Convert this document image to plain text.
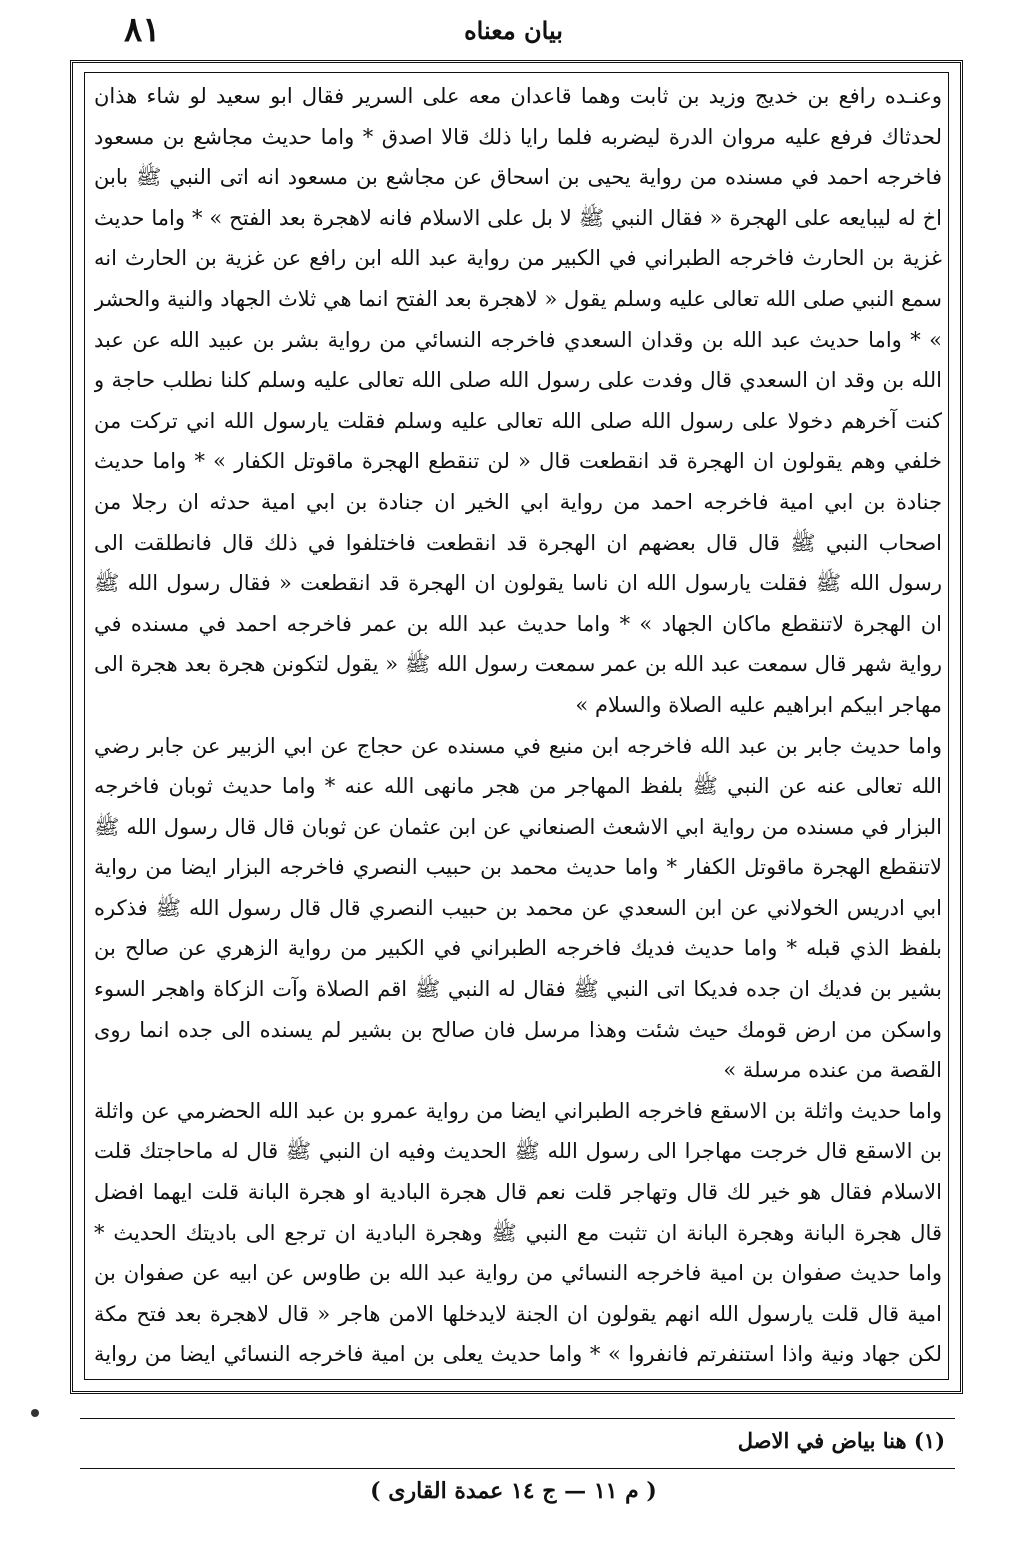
٨١	بيان معناه

وعنـده رافع بن خديج وزيد بن ثابت وهما قاعدان معه على السرير فقال ابو سعيد لو شاء هذان لحدثاك فرفع عليه مروان الدرة ليضربه فلما رايا ذلك قالا اصدق * واما حديث مجاشع بن مسعود فاخرجه احمد في مسنده من رواية يحيى بن اسحاق عن مجاشع بن مسعود انه اتى النبي ﷺ بابن اخ له ليبايعه على الهجرة « فقال النبي ﷺ لا بل على الاسلام فانه لاهجرة بعد الفتح » * واما حديث غزية بن الحارث فاخرجه الطبراني في الكبير من رواية عبد الله ابن رافع عن غزية بن الحارث انه سمع النبي صلى الله تعالى عليه وسلم يقول « لاهجرة بعد الفتح انما هي ثلاث الجهاد والنية والحشر » * واما حديث عبد الله بن وقدان السعدي فاخرجه النسائي من رواية بشر بن عبيد الله عن عبد الله بن وقد ان السعدي قال وفدت على رسول الله صلى الله تعالى عليه وسلم كلنا نطلب حاجة و كنت آخرهم دخولا على رسول الله صلى الله تعالى عليه وسلم فقلت يارسول الله اني تركت من خلفي وهم يقولون ان الهجرة قد انقطعت قال « لن تنقطع الهجرة ماقوتل الكفار » * واما حديث جنادة بن ابي امية فاخرجه احمد من رواية ابي الخير ان جنادة بن ابي امية حدثه ان رجلا من اصحاب النبي ﷺ قال قال بعضهم ان الهجرة قد انقطعت فاختلفوا في ذلك قال فانطلقت الى رسول الله ﷺ فقلت يارسول الله ان ناسا يقولون ان الهجرة قد انقطعت « فقال رسول الله ﷺ ان الهجرة لاتنقطع ماكان الجهاد » * واما حديث عبد الله بن عمر فاخرجه احمد في مسنده في رواية شهر قال سمعت عبد الله بن عمر سمعت رسول الله ﷺ « يقول لتكونن هجرة بعد هجرة الى مهاجر ابيكم ابراهيم عليه الصلاة والسلام »

واما حديث جابر بن عبد الله فاخرجه ابن منيع في مسنده عن حجاج عن ابي الزبير عن جابر رضي الله تعالى عنه عن النبي ﷺ بلفظ المهاجر من هجر مانهى الله عنه * واما حديث ثوبان فاخرجه البزار في مسنده من رواية ابي الاشعث الصنعاني عن ابن عثمان عن ثوبان قال قال رسول الله ﷺ لاتنقطع الهجرة ماقوتل الكفار * واما حديث محمد بن حبيب النصري فاخرجه البزار ايضا من رواية ابي ادريس الخولاني عن ابن السعدي عن محمد بن حبيب النصري قال قال رسول الله ﷺ فذكره بلفظ الذي قبله * واما حديث فديك فاخرجه الطبراني في الكبير من رواية الزهري عن صالح بن بشير بن فديك ان جده فديكا اتى النبي ﷺ فقال له النبي ﷺ اقم الصلاة وآت الزكاة واهجر السوء واسكن من ارض قومك حيث شئت وهذا مرسل فان صالح بن بشير لم يسنده الى جده انما روى القصة من عنده مرسلة »

واما حديث واثلة بن الاسقع فاخرجه الطبراني ايضا من رواية عمرو بن عبد الله الحضرمي عن واثلة بن الاسقع قال خرجت مهاجرا الى رسول الله ﷺ الحديث وفيه ان النبي ﷺ قال له ماحاجتك قلت الاسلام فقال هو خير لك قال وتهاجر قلت نعم قال هجرة البادية او هجرة البانة قلت ايهما افضل قال هجرة البانة وهجرة البانة ان تثبت مع النبي ﷺ وهجرة البادية ان ترجع الى باديتك الحديث * واما حديث صفوان بن امية فاخرجه النسائي من رواية عبد الله بن طاوس عن ابيه عن صفوان بن امية قال قلت يارسول الله انهم يقولون ان الجنة لايدخلها الامن هاجر « قال لاهجرة بعد فتح مكة لكن جهاد ونية واذا استنفرتم فانفروا » * واما حديث يعلى بن امية فاخرجه النسائي ايضا من رواية

(١) هنا بياض في الاصل
( م ١١ — ج ١٤ عمدة القارى )
